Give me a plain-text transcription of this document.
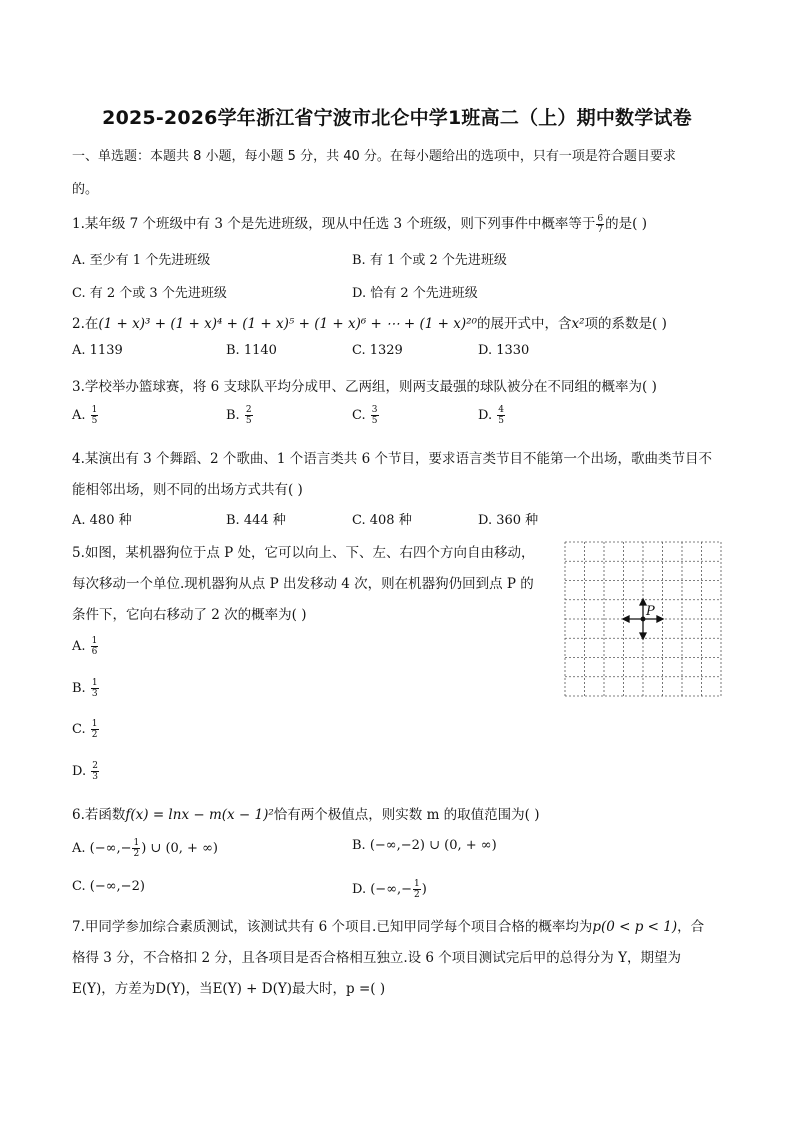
2025-2026学年浙江省宁波市北仑中学1班高二（上）期中数学试卷
一、单选题：本题共 8 小题，每小题 5 分，共 40 分。在每小题给出的选项中，只有一项是符合题目要求
的。
1.某年级 7 个班级中有 3 个是先进班级，现从中任选 3 个班级，则下列事件中概率等于 $\frac{6}{7}$ 的是( )
A. 至少有 1 个先进班级	B. 有 1 个或 2 个先进班级
C. 有 2 个或 3 个先进班级	D. 恰有 2 个先进班级
2.在(1 + x)³ + (1 + x)⁴ + (1 + x)⁵ + (1 + x)⁶ + ⋯ + (1 + x)²⁰的展开式中，含x²项的系数是( )
A. 1139	B. 1140	C. 1329	D. 1330
3.学校举办篮球赛，将 6 支球队平均分成甲、乙两组，则两支最强的球队被分在不同组的概率为( )
A. $\frac{1}{5}$	B. $\frac{2}{5}$	C. $\frac{3}{5}$	D. $\frac{4}{5}$
4.某演出有 3 个舞蹈、2 个歌曲、1 个语言类共 6 个节目，要求语言类节目不能第一个出场，歌曲类节目不
能相邻出场，则不同的出场方式共有( )
A. 480 种	B. 444 种	C. 408 种	D. 360 种
5.如图，某机器狗位于点 P 处，它可以向上、下、左、右四个方向自由移动，
每次移动一个单位.现机器狗从点 P 出发移动 4 次，则在机器狗仍回到点 P 的
条件下，它向右移动了 2 次的概率为( )
A. $\frac{1}{6}$
B. $\frac{1}{3}$
C. $\frac{1}{2}$
D. $\frac{2}{3}$
P
6.若函数f(x) = lnx − m(x − 1)²恰有两个极值点，则实数 m 的取值范围为( )
A. (−∞,− $\frac{1}{2}$ ) ∪ (0, + ∞)	B. (−∞,−2) ∪ (0, + ∞)
C. (−∞,−2)	D. (−∞,− $\frac{1}{2}$ )
7.甲同学参加综合素质测试，该测试共有 6 个项目.已知甲同学每个项目合格的概率均为p(0 < p < 1)，合
格得 3 分，不合格扣 2 分，且各项目是否合格相互独立.设 6 个项目测试完后甲的总得分为 Y，期望为
E(Y)，方差为D(Y)，当E(Y) + D(Y)最大时，p =( )
